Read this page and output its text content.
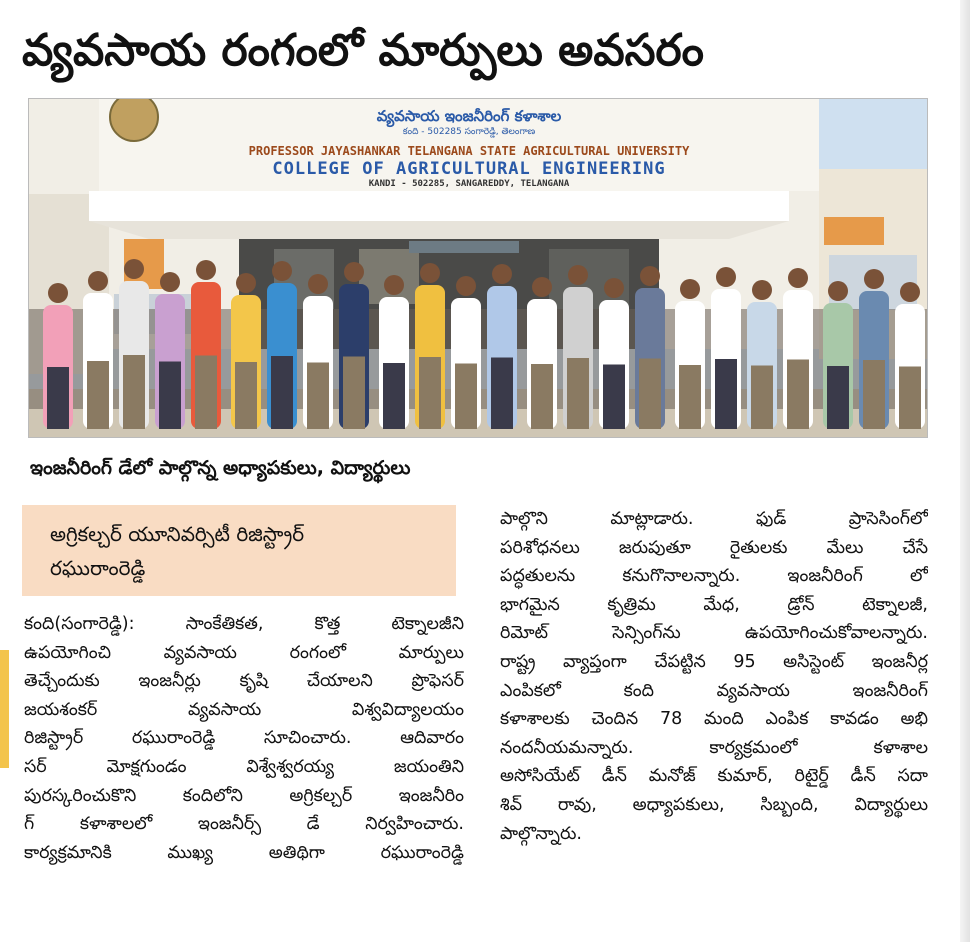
వ్యవసాయ రంగంలో మార్పులు అవసరం
వ్యవసాయ ఇంజనీరింగ్ కళాశాల
కంది - 502285 సంగారెడ్డి, తెలంగాణ
PROFESSOR JAYASHANKAR TELANGANA STATE AGRICULTURAL UNIVERSITY
COLLEGE OF AGRICULTURAL ENGINEERING
KANDI - 502285, SANGAREDDY, TELANGANA
ఇంజనీరింగ్ డేలో పాల్గొన్న అధ్యాపకులు, విద్యార్థులు
అగ్రికల్చర్ యూనివర్సిటీ రిజిస్ట్రార్
రఘురాంరెడ్డి
కంది(సంగారెడ్డి): సాంకేతికత, కొత్త టెక్నాలజీని
ఉపయోగించి వ్యవసాయ రంగంలో మార్పులు
తెచ్చేందుకు ఇంజనీర్లు కృషి చేయాలని ప్రొఫెసర్
జయశంకర్ వ్యవసాయ విశ్వవిద్యాలయం
రిజిస్ట్రార్ రఘురాంరెడ్డి సూచించారు. ఆదివారం
సర్ మోక్షగుండం విశ్వేశ్వరయ్య జయంతిని
పురస్కరించుకొని కందిలోని అగ్రికల్చర్ ఇంజనీరిం
గ్ కళాశాలలో ఇంజనీర్స్ డే నిర్వహించారు.
కార్యక్రమానికి ముఖ్య అతిథిగా రఘురాంరెడ్డి
పాల్గొని మాట్లాడారు. ఫుడ్ ప్రాసెసింగ్‌లో
పరిశోధనలు జరుపుతూ రైతులకు మేలు చేసే
పద్ధతులను కనుగొనాలన్నారు. ఇంజనీరింగ్ లో
భాగమైన కృత్రిమ మేధ, డ్రోన్ టెక్నాలజీ,
రిమోట్ సెన్సింగ్‌ను ఉపయోగించుకోవాలన్నారు.
రాష్ట్ర వ్యాప్తంగా చేపట్టిన 95 అసిస్టెంట్ ఇంజనీర్ల
ఎంపికలో కంది వ్యవసాయ ఇంజనీరింగ్
కళాశాలకు చెందిన 78 మంది ఎంపిక కావడం అభి
నందనీయమన్నారు. కార్యక్రమంలో కళాశాల
అసోసియేట్ డీన్ మనోజ్ కుమార్, రిటైర్డ్ డీన్ సదా
శివ్ రావు, అధ్యాపకులు, సిబ్బంది, విద్యార్థులు
పాల్గొన్నారు.
